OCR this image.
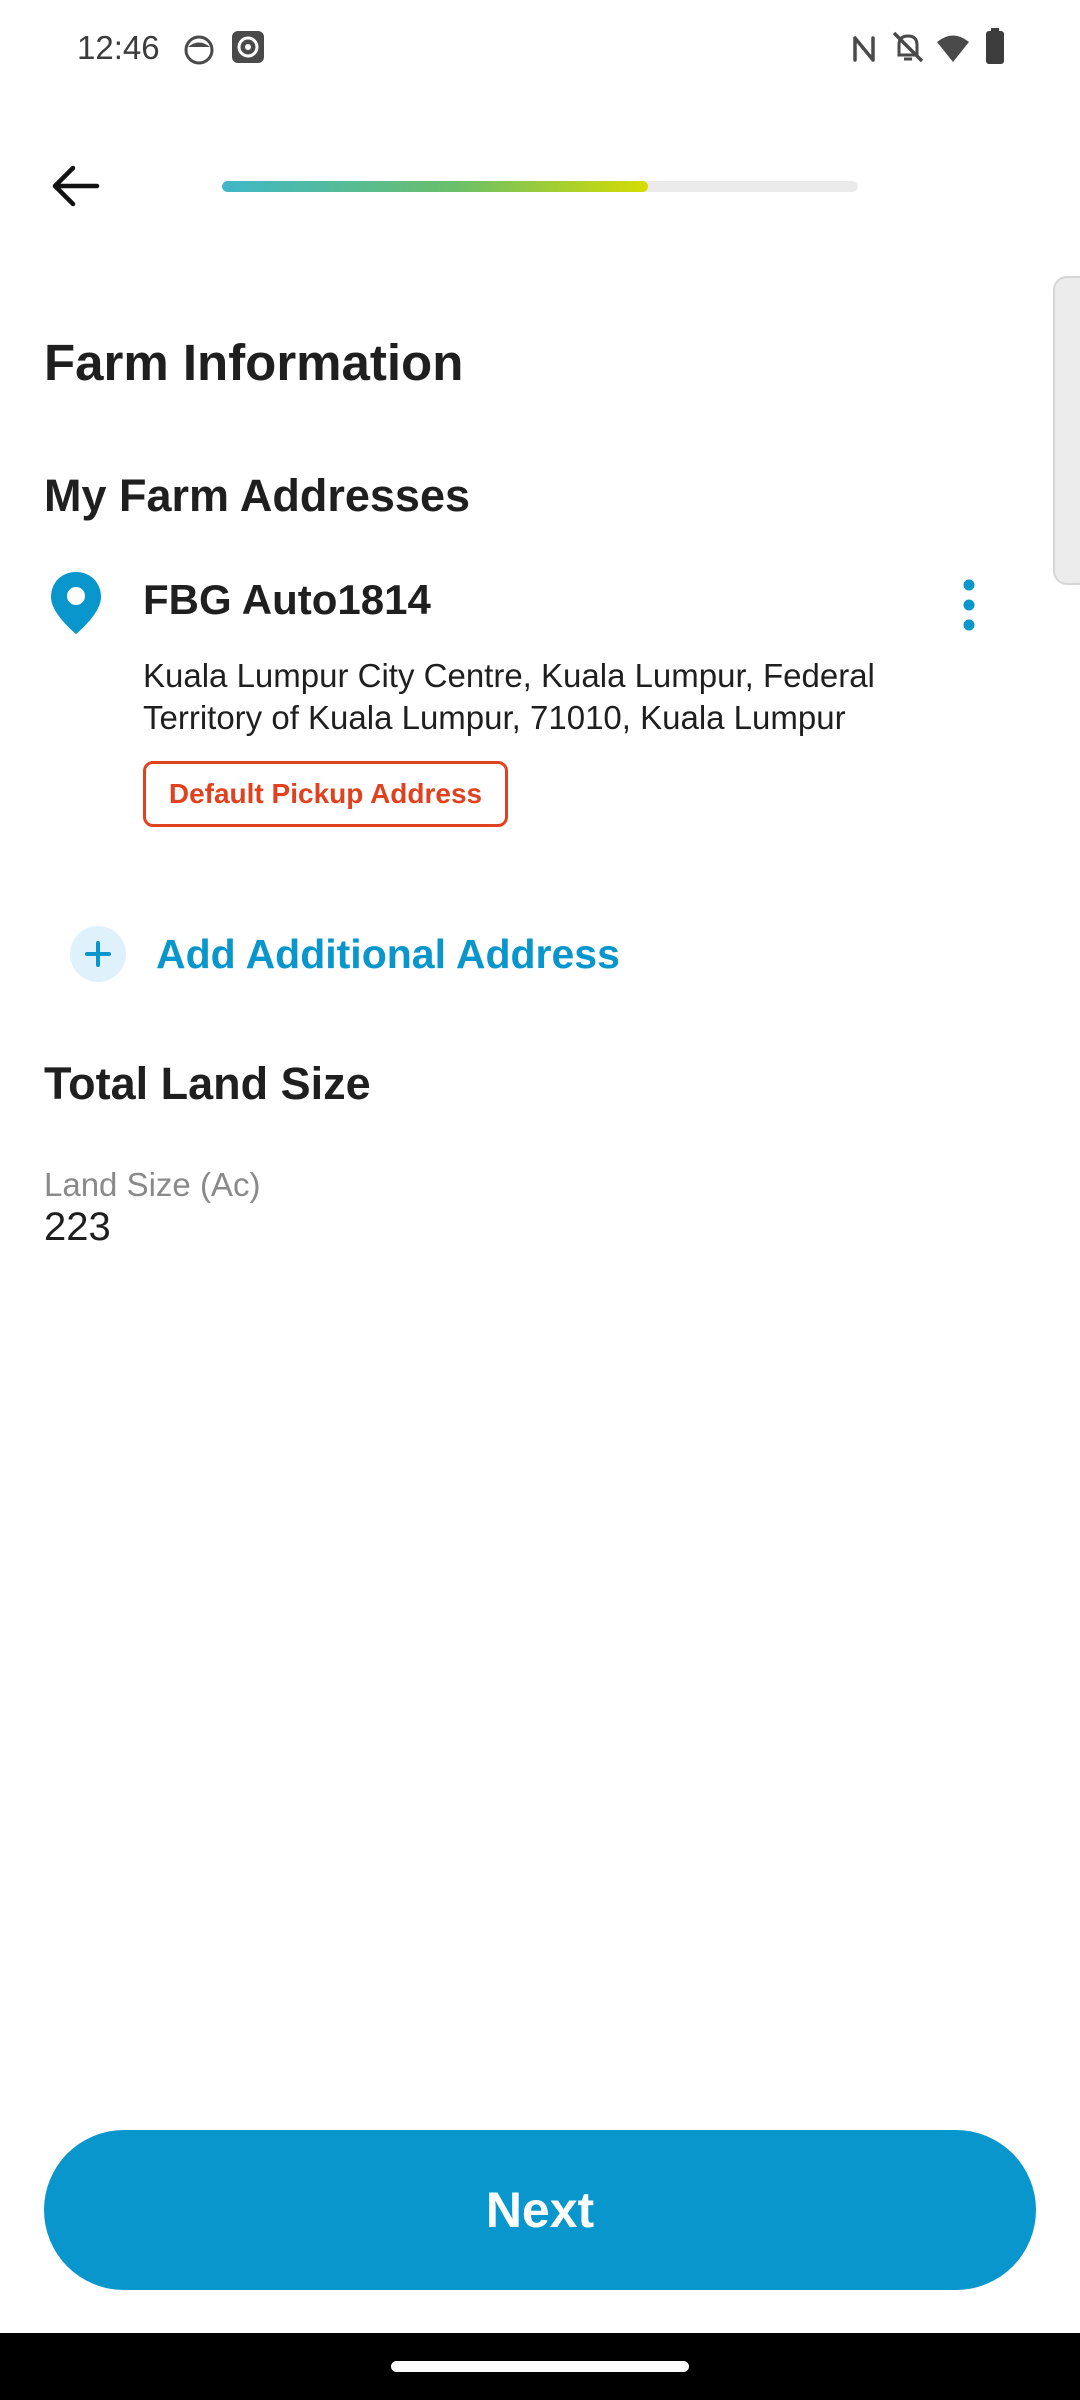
12:46
Farm Information
My Farm Addresses
FBG Auto1814
Kuala Lumpur City Centre, Kuala Lumpur, Federal Territory of Kuala Lumpur, 71010, Kuala Lumpur
Default Pickup Address
Add Additional Address
Total Land Size
Land Size (Ac)
223
Next
